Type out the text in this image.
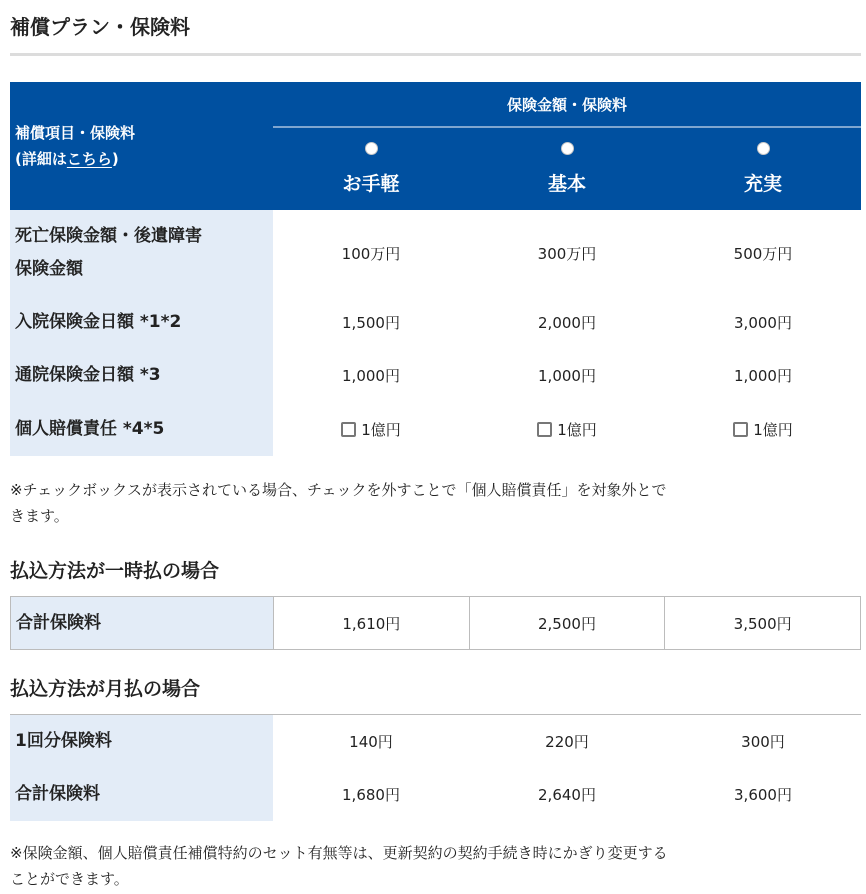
補償プラン・保険料
補償項目・保険料
(詳細はこちら)	保険金額・保険料		

	お手軽	基本	充実

死亡保険金額・後遺障害
保険金額	100万円	300万円	500万円
入院保険金日額 *1*2	1,500円	2,000円	3,000円
通院保険金日額 *3	1,000円	1,000円	1,000円
個人賠償責任 *4*5	1億円	1億円	1億円

※チェックボックスが表示されている場合、チェックを外すことで「個人賠償責任」を対象外とで
きます。

払込方法が一時払の場合
合計保険料	1,610円	2,500円	3,500円
払込方法が月払の場合
1回分保険料	140円	220円	300円
合計保険料	1,680円	2,640円	3,600円

※保険金額、個人賠償責任補償特約のセット有無等は、更新契約の契約手続き時にかぎり変更する
ことができます。
